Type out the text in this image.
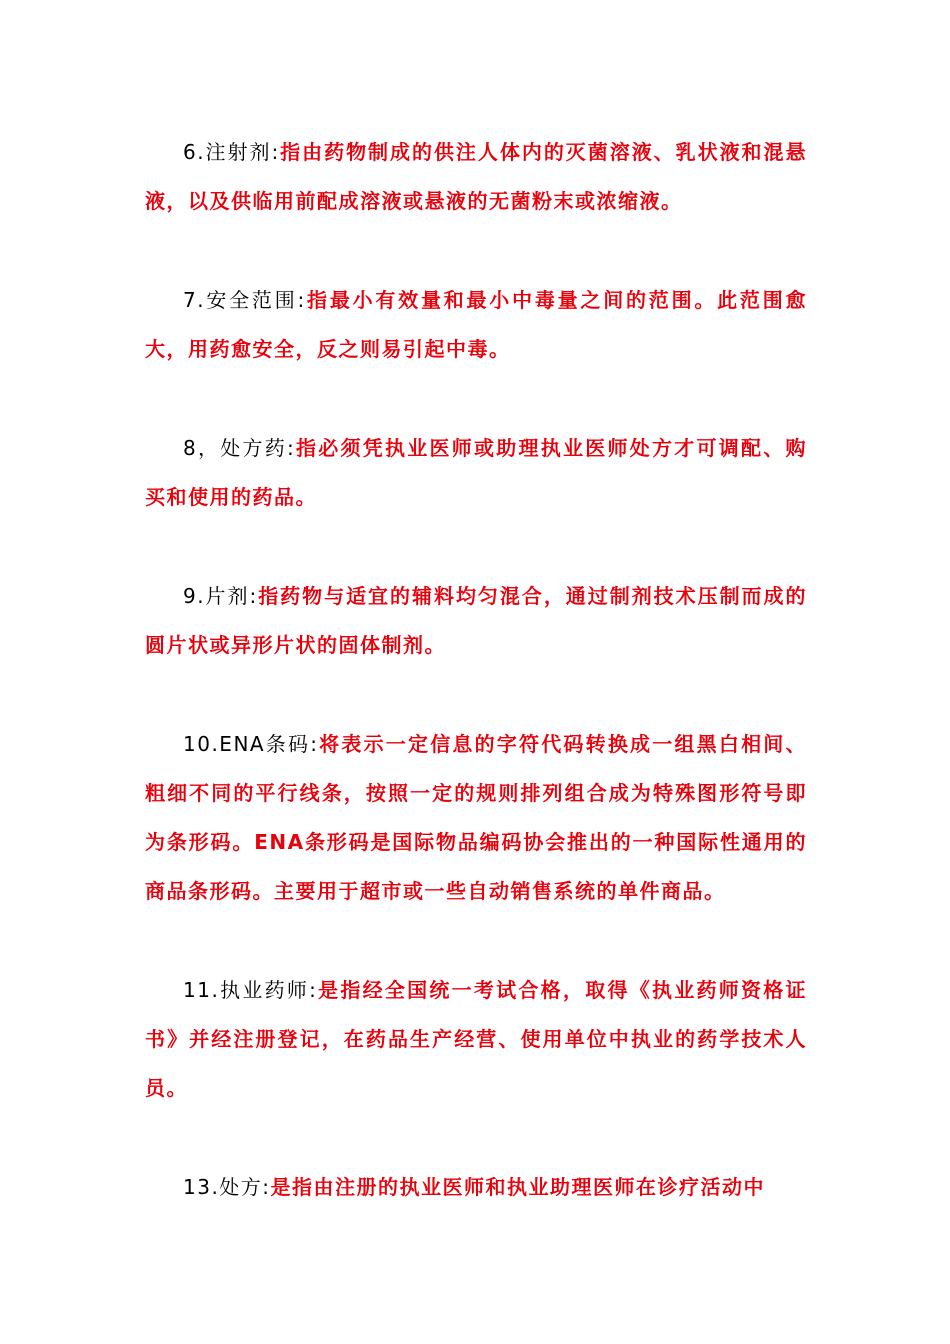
6.注射剂:指由药物制成的供注人体内的灭菌溶液、乳状液和混悬液，以及供临用前配成溶液或悬液的无菌粉末或浓缩液。

7.安全范围:指最小有效量和最小中毒量之间的范围。此范围愈大，用药愈安全，反之则易引起中毒。

8，处方药:指必须凭执业医师或助理执业医师处方才可调配、购买和使用的药品。

9.片剂:指药物与适宜的辅料均匀混合，通过制剂技术压制而成的圆片状或异形片状的固体制剂。

10.ENA条码:将表示一定信息的字符代码转换成一组黑白相间、粗细不同的平行线条，按照一定的规则排列组合成为特殊图形符号即为条形码。ENA条形码是国际物品编码协会推出的一种国际性通用的商品条形码。主要用于超市或一些自动销售系统的单件商品。

11.执业药师:是指经全国统一考试合格，取得《执业药师资格证书》并经注册登记，在药品生产经营、使用单位中执业的药学技术人员。

13.处方:是指由注册的执业医师和执业助理医师在诊疗活动中
